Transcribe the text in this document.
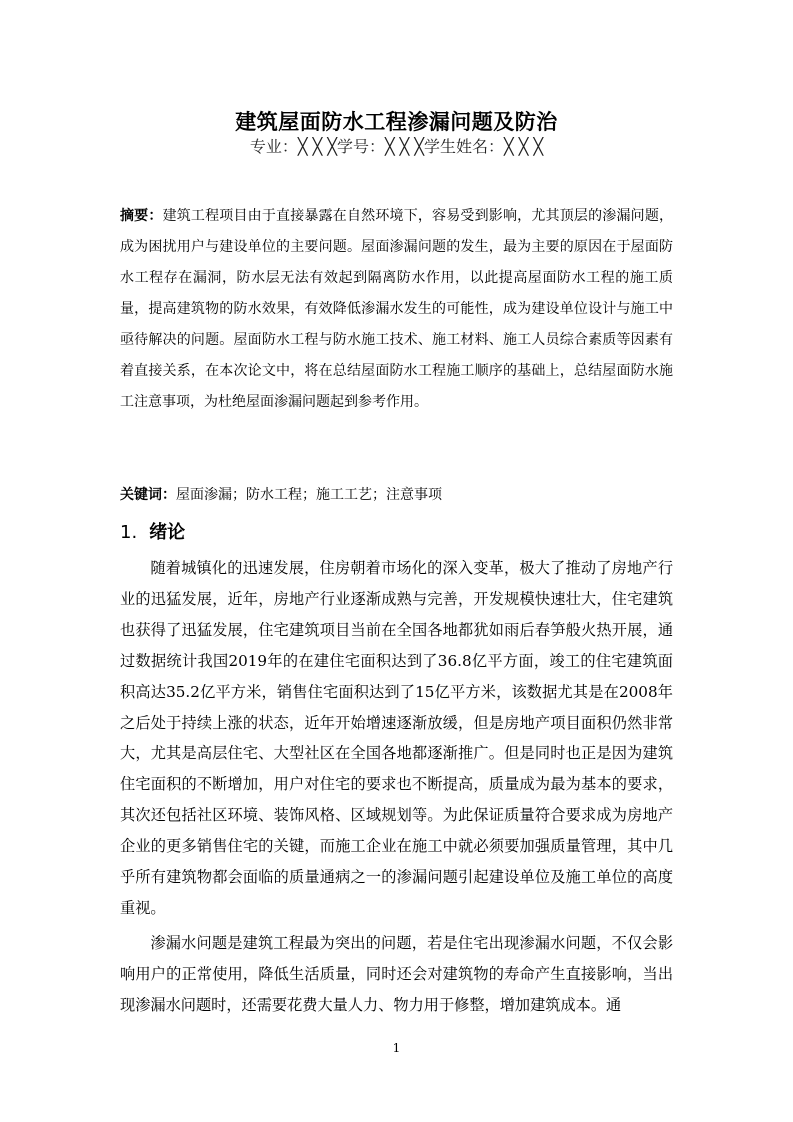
建筑屋面防水工程渗漏问题及防治
专业：╳ ╳ ╳学号：╳ ╳ ╳学生姓名：╳ ╳ ╳

摘要：建筑工程项目由于直接暴露在自然环境下，容易受到影响，尤其顶层的渗漏问题，成为困扰用户与建设单位的主要问题。屋面渗漏问题的发生，最为主要的原因在于屋面防水工程存在漏洞，防水层无法有效起到隔离防水作用，以此提高屋面防水工程的施工质量，提高建筑物的防水效果，有效降低渗漏水发生的可能性，成为建设单位设计与施工中亟待解决的问题。屋面防水工程与防水施工技术、施工材料、施工人员综合素质等因素有着直接关系，在本次论文中，将在总结屋面防水工程施工顺序的基础上，总结屋面防水施工注意事项，为杜绝屋面渗漏问题起到参考作用。

关键词：屋面渗漏；防水工程；施工工艺；注意事项

1. 绪论

随着城镇化的迅速发展，住房朝着市场化的深入变革，极大了推动了房地产行业的迅猛发展，近年，房地产行业逐渐成熟与完善，开发规模快速壮大，住宅建筑也获得了迅猛发展，住宅建筑项目当前在全国各地都犹如雨后春笋般火热开展，通过数据统计我国2019年的在建住宅面积达到了36.8亿平方面，竣工的住宅建筑面积高达35.2亿平方米，销售住宅面积达到了15亿平方米，该数据尤其是在2008年之后处于持续上涨的状态，近年开始增速逐渐放缓，但是房地产项目面积仍然非常大，尤其是高层住宅、大型社区在全国各地都逐渐推广。但是同时也正是因为建筑住宅面积的不断增加，用户对住宅的要求也不断提高，质量成为最为基本的要求，其次还包括社区环境、装饰风格、区域规划等。为此保证质量符合要求成为房地产企业的更多销售住宅的关键，而施工企业在施工中就必须要加强质量管理，其中几乎所有建筑物都会面临的质量通病之一的渗漏问题引起建设单位及施工单位的高度重视。

渗漏水问题是建筑工程最为突出的问题，若是住宅出现渗漏水问题，不仅会影响用户的正常使用，降低生活质量，同时还会对建筑物的寿命产生直接影响，当出现渗漏水问题时，还需要花费大量人力、物力用于修整，增加建筑成本。通

1
